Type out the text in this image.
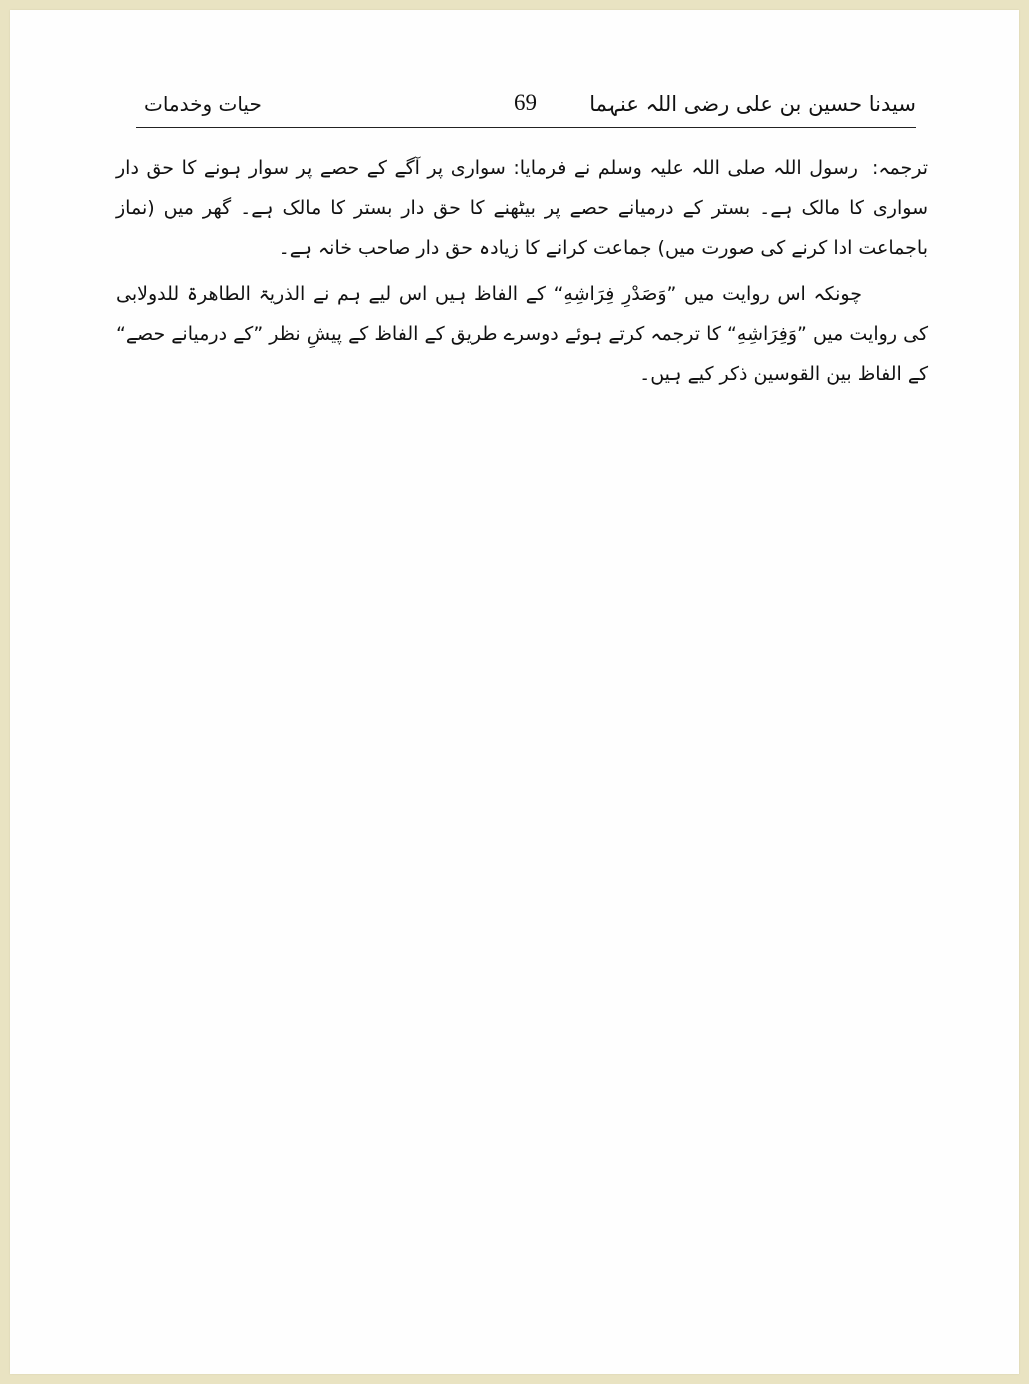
سیدنا حسین بن علی رضی اللہ عنہما
69
حیات وخدمات

ترجمہ:رسول اللہ صلی اللہ علیہ وسلم نے فرمایا: سواری پر آگے کے حصے پر سوار ہونے کا حق دار سواری کا مالک ہے۔ بستر کے درمیانے حصے پر بیٹھنے کا حق دار بستر کا مالک ہے۔ گھر میں (نماز باجماعت ادا کرنے کی صورت میں) جماعت کرانے کا زیادہ حق دار صاحب خانہ ہے۔

چونکہ اس روایت میں ”وَصَدْرِ فِرَاشِهِ“ کے الفاظ ہیں اس لیے ہم نے الذریۃ الطاھرۃ للدولابی کی روایت میں ”وَفِرَاشِهِ“ کا ترجمہ کرتے ہوئے دوسرے طریق کے الفاظ کے پیشِ نظر ”کے درمیانے حصے“ کے الفاظ بین القوسین ذکر کیے ہیں۔
